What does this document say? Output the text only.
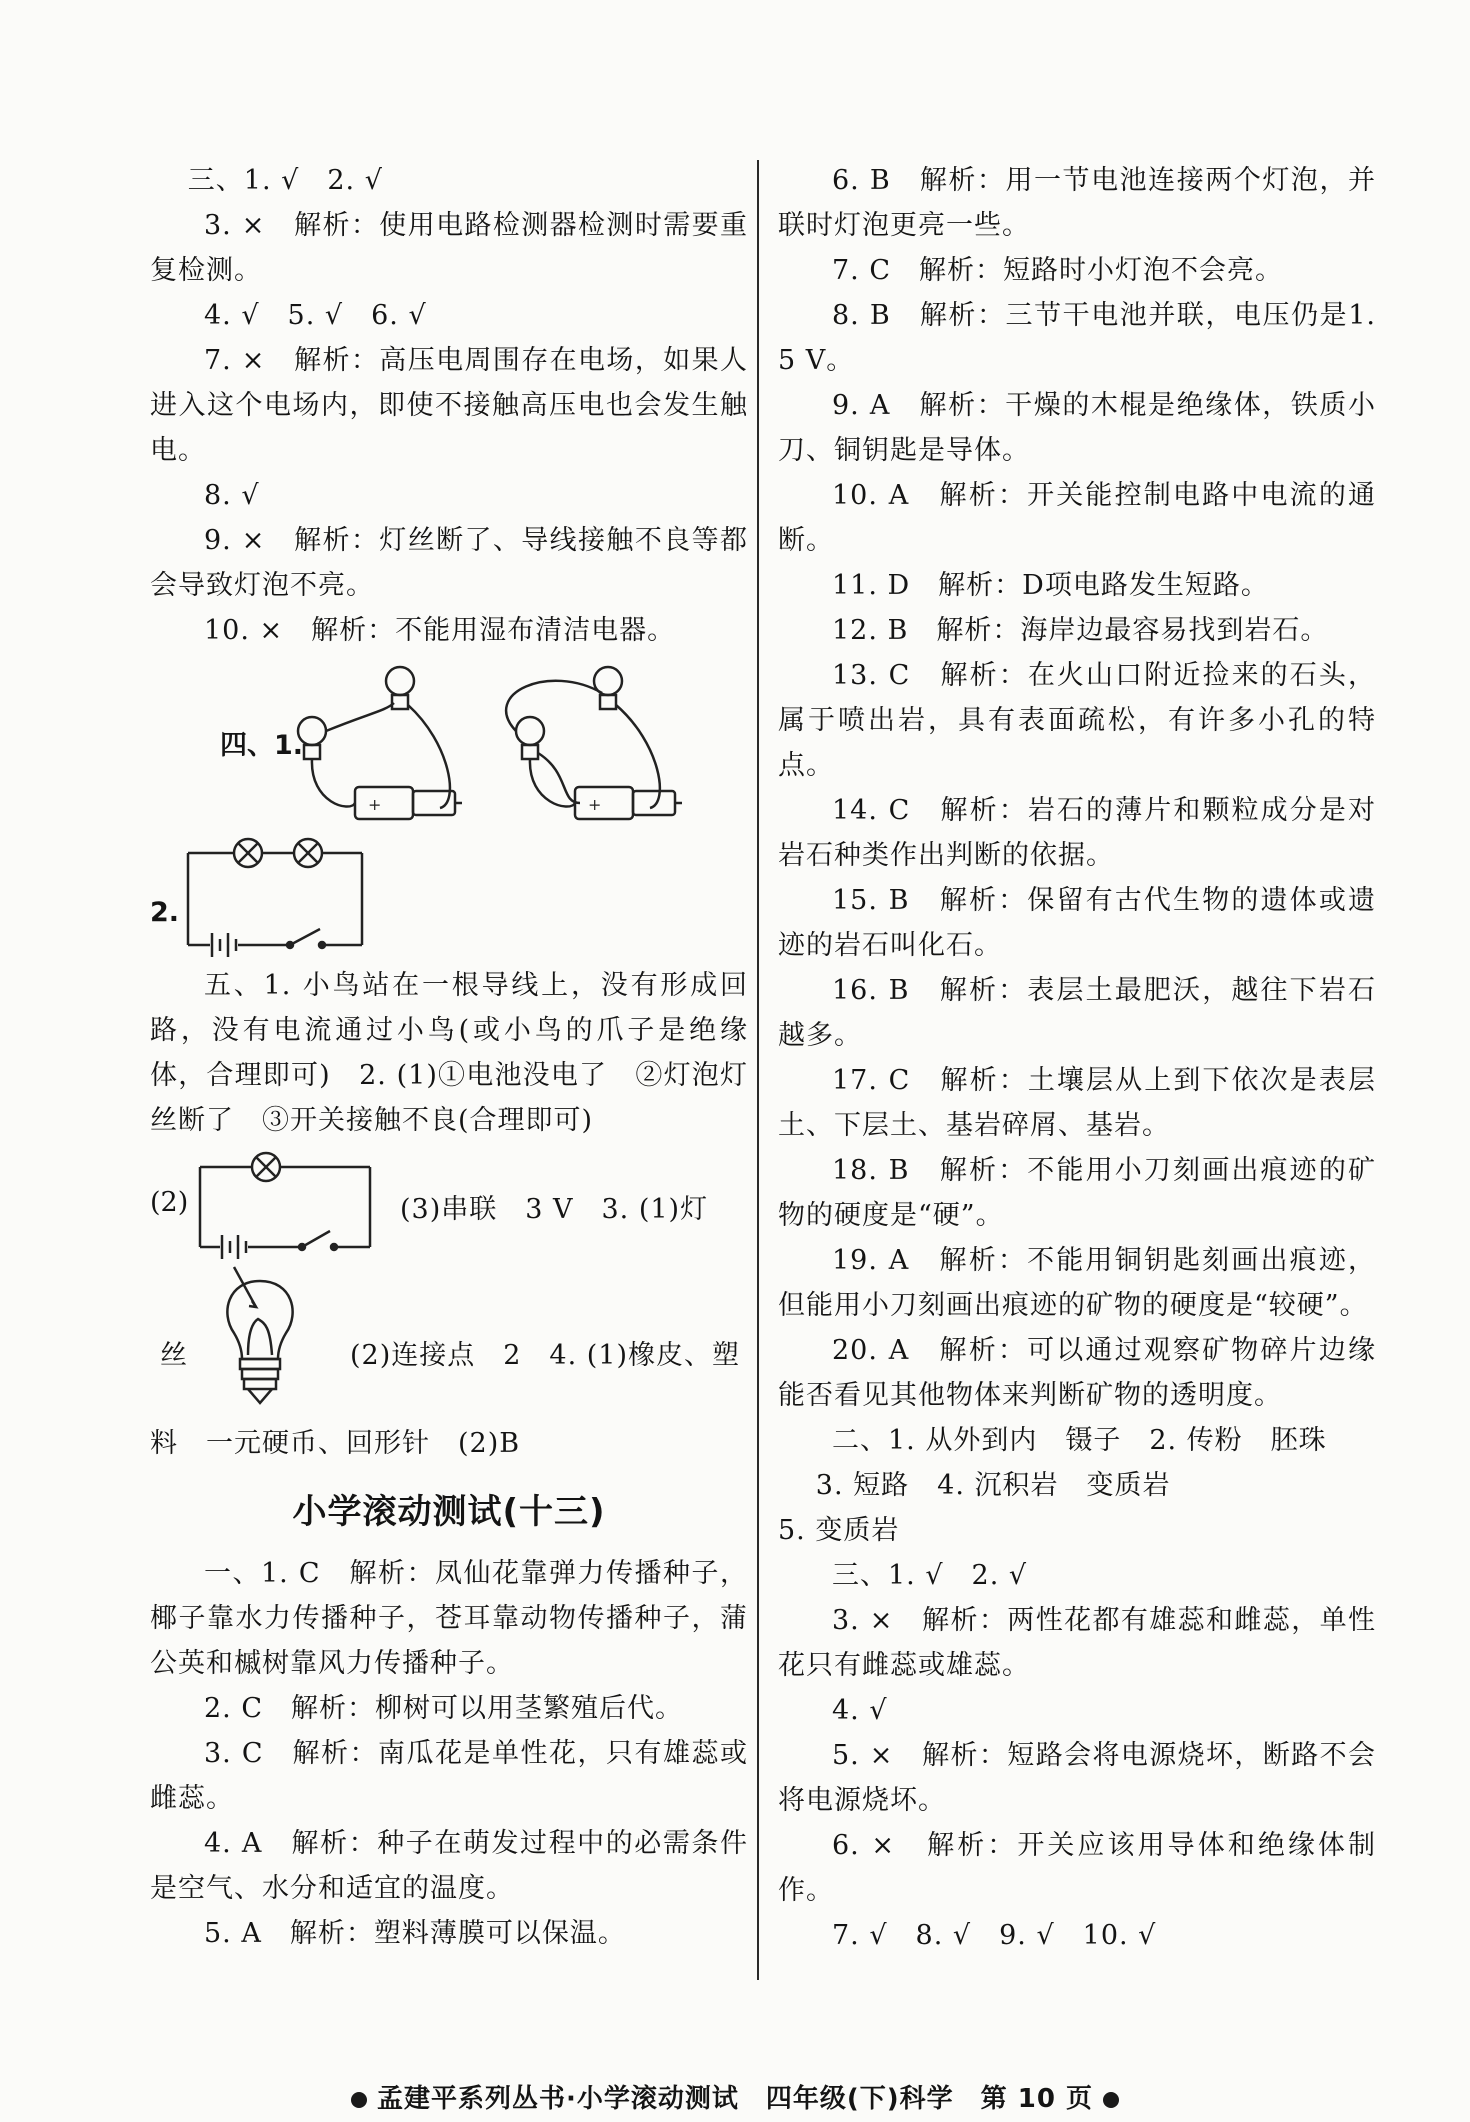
三、1. √　2. √

3. ×　解析：使用电路检测器检测时需要重复检测。

4. √　5. √　6. √

7. ×　解析：高压电周围存在电场，如果人进入这个电场内，即使不接触高压电也会发生触电。

8. √

9. ×　解析：灯丝断了、导线接触不良等都会导致灯泡不亮。

10. ×　解析：不能用湿布清洁电器。

四、1.
+	+
2.

五、1. 小鸟站在一根导线上，没有形成回路，没有电流通过小鸟(或小鸟的爪子是绝缘体，合理即可)　2. (1)①电池没电了　②灯泡灯丝断了　③开关接触不良(合理即可)

(2)	(3)串联　3 V　3. (1)灯
丝	(2)连接点　2　4. (1)橡皮、塑

料　一元硬币、回形针　(2)B

小学滚动测试(十三)

一、1. C　解析：凤仙花靠弹力传播种子，椰子靠水力传播种子，苍耳靠动物传播种子，蒲公英和槭树靠风力传播种子。

2. C　解析：柳树可以用茎繁殖后代。

3. C　解析：南瓜花是单性花，只有雄蕊或雌蕊。

4. A　解析：种子在萌发过程中的必需条件是空气、水分和适宜的温度。

5. A　解析：塑料薄膜可以保温。

6. B　解析：用一节电池连接两个灯泡，并联时灯泡更亮一些。

7. C　解析：短路时小灯泡不会亮。

8. B　解析：三节干电池并联，电压仍是1.5 V。

9. A　解析：干燥的木棍是绝缘体，铁质小刀、铜钥匙是导体。

10. A　解析：开关能控制电路中电流的通断。

11. D　解析：D项电路发生短路。

12. B　解析：海岸边最容易找到岩石。

13. C　解析：在火山口附近捡来的石头，属于喷出岩，具有表面疏松，有许多小孔的特点。

14. C　解析：岩石的薄片和颗粒成分是对岩石种类作出判断的依据。

15. B　解析：保留有古代生物的遗体或遗迹的岩石叫化石。

16. B　解析：表层土最肥沃，越往下岩石越多。

17. C　解析：土壤层从上到下依次是表层土、下层土、基岩碎屑、基岩。

18. B　解析：不能用小刀刻画出痕迹的矿物的硬度是“硬”。

19. A　解析：不能用铜钥匙刻画出痕迹，但能用小刀刻画出痕迹的矿物的硬度是“较硬”。

20. A　解析：可以通过观察矿物碎片边缘能否看见其他物体来判断矿物的透明度。

二、1. 从外到内　镊子　2. 传粉　胚珠

3. 短路　4. 沉积岩　变质岩

5. 变质岩

三、1. √　2. √

3. ×　解析：两性花都有雄蕊和雌蕊，单性花只有雌蕊或雄蕊。

4. √

5. ×　解析：短路会将电源烧坏，断路不会将电源烧坏。

6. ×　解析：开关应该用导体和绝缘体制作。

7. √　8. √　9. √　10. √

孟建平系列丛书·小学滚动测试　四年级(下)科学　第 10 页
